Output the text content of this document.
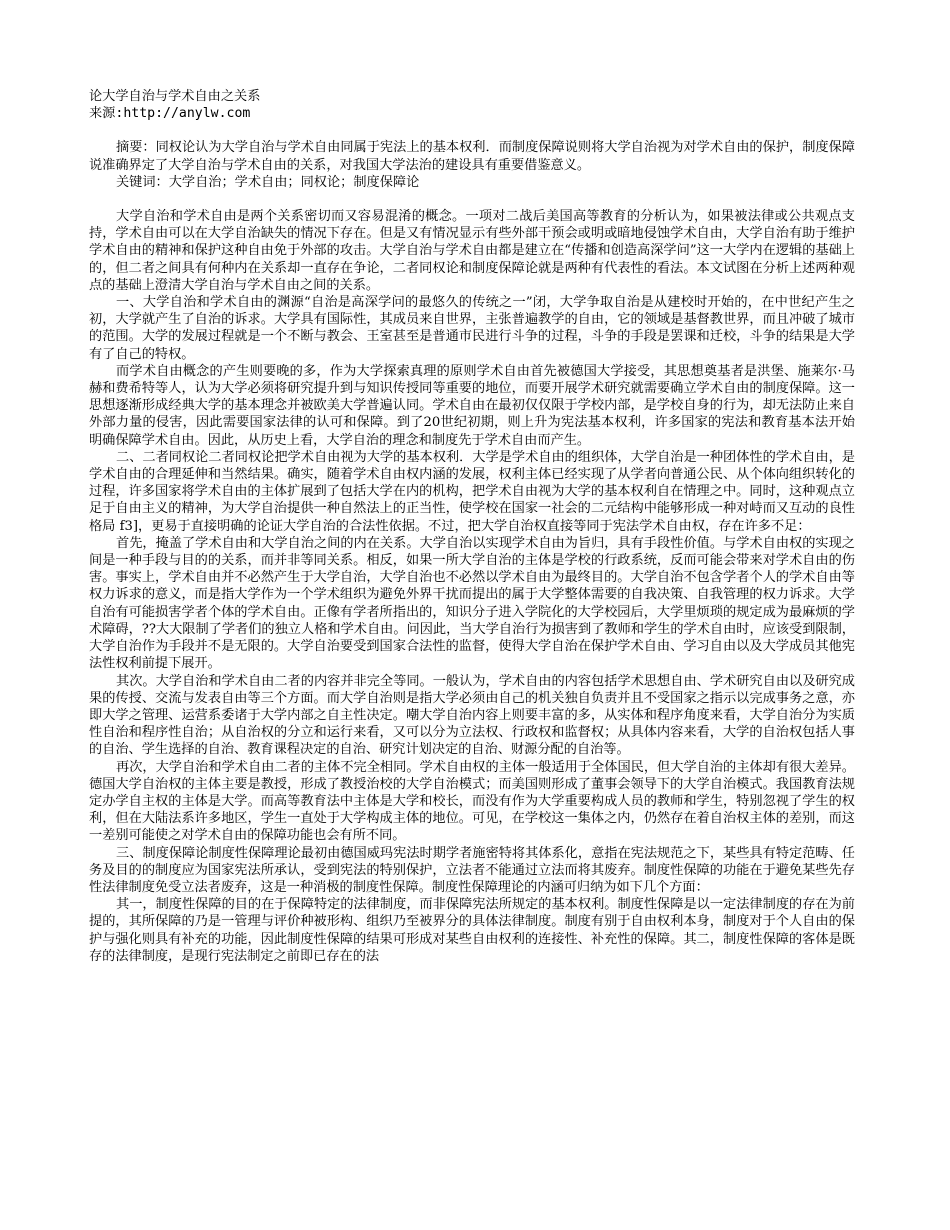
论大学自治与学术自由之关系
来源:http://anylw.com

摘要：同权论认为大学自治与学术自由同属于宪法上的基本权利．而制度保障说则将大学自治视为对学术自由的保护，制度保障说准确界定了大学自治与学术自由的关系，对我国大学法治的建设具有重要借鉴意义。

关键词：大学自治；学术自由；同权论；制度保障论

大学自治和学术自由是两个关系密切而又容易混淆的概念。一项对二战后美国高等教育的分析认为，如果被法律或公共观点支持，学术自由可以在大学自治缺失的情况下存在。但是又有情况显示有些外部干预会或明或暗地侵蚀学术自由，大学自治有助于维护学术自由的精神和保护这种自由免于外部的攻击。大学自治与学术自由都是建立在“传播和创造高深学问”这一大学内在逻辑的基础上的，但二者之间具有何种内在关系却一直存在争论，二者同权论和制度保障论就是两种有代表性的看法。本文试图在分析上述两种观点的基础上澄清大学自治与学术自由之间的关系。

一、大学自治和学术自由的渊源“自治是高深学问的最悠久的传统之一”闭，大学争取自治是从建校时开始的，在中世纪产生之初，大学就产生了自治的诉求。大学具有国际性，其成员来自世界，主张普遍教学的自由，它的领域是基督教世界，而且冲破了城市的范围。大学的发展过程就是一个不断与教会、王室甚至是普通市民进行斗争的过程，斗争的手段是罢课和迁校，斗争的结果是大学有了自己的特权。

而学术自由概念的产生则要晚的多，作为大学探索真理的原则学术自由首先被德国大学接受，其思想奠基者是洪堡、施莱尔·马赫和费希特等人，认为大学必须将研究提升到与知识传授同等重要的地位，而要开展学术研究就需要确立学术自由的制度保障。这一思想逐渐形成经典大学的基本理念并被欧美大学普遍认同。学术自由在最初仅仅限于学校内部，是学校自身的行为，却无法防止来自外部力量的侵害，因此需要国家法律的认可和保障。到了20世纪初期，则上升为宪法基本权利，许多国家的宪法和教育基本法开始明确保障学术自由。因此，从历史上看，大学自治的理念和制度先于学术自由而产生。

二、二者同权论二者同权论把学术自由视为大学的基本权利．大学是学术自由的组织体，大学自治是一种团体性的学术自由，是学术自由的合理延伸和当然结果。确实，随着学术自由权内涵的发展，权利主体已经实现了从学者向普通公民、从个体向组织转化的过程，许多国家将学术自由的主体扩展到了包括大学在内的机构，把学术自由视为大学的基本权利自在情理之中。同时，这种观点立足于自由主义的精神，为大学自治提供一种自然法上的正当性，使学校在国家一社会的二元结构中能够形成一种对峙而又互动的良性格局 f3]，更易于直接明确的论证大学自治的合法性依据。不过，把大学自治权直接等同于宪法学术自由权，存在许多不足：

首先，掩盖了学术自由和大学自治之间的内在关系。大学自治以实现学术自由为旨归，具有手段性价值。与学术自由权的实现之间是一种手段与目的的关系，而并非等同关系。相反，如果一所大学自治的主体是学校的行政系统，反而可能会带来对学术自由的伤害。事实上，学术自由并不必然产生于大学自治，大学自治也不必然以学术自由为最终目的。大学自治不包含学者个人的学术自由等权力诉求的意义，而是指大学作为一个学术组织为避免外界干扰而提出的属于大学整体需要的自我决策、自我管理的权力诉求。大学自治有可能损害学者个体的学术自由。正像有学者所指出的，知识分子进入学院化的大学校园后，大学里烦琐的规定成为最麻烦的学术障碍，??大大限制了学者们的独立人格和学术自由。问因此，当大学自治行为损害到了教师和学生的学术自由时，应该受到限制，大学自治作为手段并不是无限的。大学自治要受到国家合法性的监督，使得大学自治在保护学术自由、学习自由以及大学成员其他宪法性权利前提下展开。

其次。大学自治和学术自由二者的内容并非完全等同。一般认为，学术自由的内容包括学术思想自由、学术研究自由以及研究成果的传授、交流与发表自由等三个方面。而大学自治则是指大学必须由自己的机关独自负责并且不受国家之指示以完成事务之意，亦即大学之管理、运营系委诸于大学内部之自主性决定。嘲大学自治内容上则要丰富的多，从实体和程序角度来看，大学自治分为实质性自治和程序性自治；从自治权的分立和运行来看，又可以分为立法权、行政权和监督权；从具体内容来看，大学的自治权包括人事的自治、学生选择的自治、教育课程决定的自治、研究计划决定的自治、财源分配的自治等。

再次，大学自治和学术自由二者的主体不完全相同。学术自由权的主体一般适用于全体国民，但大学自治的主体却有很大差异。德国大学自治权的主体主要是教授，形成了教授治校的大学自治模式；而美国则形成了董事会领导下的大学自治模式。我国教育法规定办学自主权的主体是大学。而高等教育法中主体是大学和校长，而没有作为大学重要构成人员的教师和学生，特别忽视了学生的权利，但在大陆法系许多地区，学生一直处于大学构成主体的地位。可见，在学校这一集体之内，仍然存在着自治权主体的差别，而这一差别可能使之对学术自由的保障功能也会有所不同。

三、制度保障论制度性保障理论最初由德国威玛宪法时期学者施密特将其体系化，意指在宪法规范之下，某些具有特定范畴、任务及目的的制度应为国家宪法所承认，受到宪法的特别保护，立法者不能通过立法而将其废弃。制度性保障的功能在于避免某些先存性法律制度免受立法者废弃，这是一种消极的制度性保障。制度性保障理论的内涵可归纳为如下几个方面：

其一，制度性保障的目的在于保障特定的法律制度，而非保障宪法所规定的基本权利。制度性保障是以一定法律制度的存在为前提的，其所保障的乃是一管理与评价种被形构、组织乃至被界分的具体法律制度。制度有别于自由权利本身，制度对于个人自由的保护与强化则具有补充的功能，因此制度性保障的结果可形成对某些自由权利的连接性、补充性的保障。其二，制度性保障的客体是既存的法律制度，是现行宪法制定之前即已存在的法
